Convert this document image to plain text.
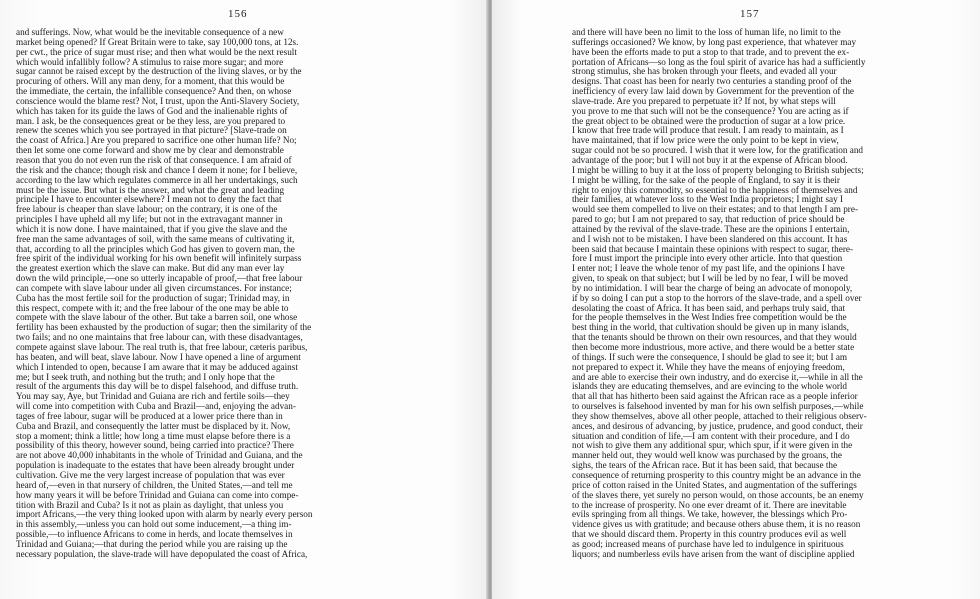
156
and sufferings. Now, what would be the inevitable consequence of a new
market being opened? If Great Britain were to take, say 100,000 tons, at 12s.
per cwt., the price of sugar must rise; and then what would be the next result
which would infallibly follow? A stimulus to raise more sugar; and more
sugar cannot be raised except by the destruction of the living slaves, or by the
procuring of others. Will any man deny, for a moment, that this would be
the immediate, the certain, the infallible consequence? And then, on whose
conscience would the blame rest? Not, I trust, upon the Anti-Slavery Society,
which has taken for its guide the laws of God and the inalienable rights of
man. I ask, be the consequences great or be they less, are you prepared to
renew the scenes which you see portrayed in that picture? [Slave-trade on
the coast of Africa.] Are you prepared to sacrifice one other human life? No;
then let some one come forward and show me by clear and demonstrable
reason that you do not even run the risk of that consequence. I am afraid of
the risk and the chance; though risk and chance I deem it none; for I believe,
according to the law which regulates commerce in all her undertakings, such
must be the issue. But what is the answer, and what the great and leading
principle I have to encounter elsewhere? I mean not to deny the fact that
free labour is cheaper than slave labour; on the contrary, it is one of the
principles I have upheld all my life; but not in the extravagant manner in
which it is now done. I have maintained, that if you give the slave and the
free man the same advantages of soil, with the same means of cultivating it,
that, according to all the principles which God has given to govern man, the
free spirit of the individual working for his own benefit will infinitely surpass
the greatest exertion which the slave can make. But did any man ever lay
down the wild principle,—one so utterly incapable of proof,—that free labour
can compete with slave labour under all given circumstances. For instance;
Cuba has the most fertile soil for the production of sugar; Trinidad may, in
this respect, compete with it; and the free labour of the one may be able to
compete with the slave labour of the other. But take a barren soil, one whose
fertility has been exhausted by the production of sugar; then the similarity of the
two fails; and no one maintains that free labour can, with these disadvantages,
compete against slave labour. The real truth is, that free labour, cæteris paribus,
has beaten, and will beat, slave labour. Now I have opened a line of argument
which I intended to open, because I am aware that it may be adduced against
me; but I seek truth, and nothing but the truth; and I only hope that the
result of the arguments this day will be to dispel falsehood, and diffuse truth.
You may say, Aye, but Trinidad and Guiana are rich and fertile soils—they
will come into competition with Cuba and Brazil—and, enjoying the advan-
tages of free labour, sugar will be produced at a lower price there than in
Cuba and Brazil, and consequently the latter must be displaced by it. Now,
stop a moment; think a little; how long a time must elapse before there is a
possibility of this theory, however sound, being carried into practice? There
are not above 40,000 inhabitants in the whole of Trinidad and Guiana, and the
population is inadequate to the estates that have been already brought under
cultivation. Give me the very largest increase of population that was ever
heard of,—even in that nursery of children, the United States,—and tell me
how many years it will be before Trinidad and Guiana can come into compe-
tition with Brazil and Cuba? Is it not as plain as daylight, that unless you
import Africans,—the very thing looked upon with alarm by nearly every person
in this assembly,—unless you can hold out some inducement,—a thing im-
possible,—to influence Africans to come in herds, and locate themselves in
Trinidad and Guiana;—that during the period while you are raising up the
necessary population, the slave-trade will have depopulated the coast of Africa,
157
and there will have been no limit to the loss of human life, no limit to the
sufferings occasioned? We know, by long past experience, that whatever may
have been the efforts made to put a stop to that trade, and to prevent the ex-
portation of Africans—so long as the foul spirit of avarice has had a sufficiently
strong stimulus, she has broken through your fleets, and evaded all your
designs. That coast has been for nearly two centuries a standing proof of the
inefficiency of every law laid down by Government for the prevention of the
slave-trade. Are you prepared to perpetuate it? If not, by what steps will
you prove to me that such will not be the consequence? You are acting as if
the great object to be obtained were the production of sugar at a low price.
I know that free trade will produce that result. I am ready to maintain, as I
have maintained, that if low price were the only point to be kept in view,
sugar could not be so procured. I wish that it were low, for the gratification and
advantage of the poor; but I will not buy it at the expense of African blood.
I might be willing to buy it at the loss of property belonging to British subjects;
I might be willing, for the sake of the people of England, to say it is their
right to enjoy this commodity, so essential to the happiness of themselves and
their families, at whatever loss to the West India proprietors; I might say I
would see them compelled to live on their estates; and to that length I am pre-
pared to go; but I am not prepared to say, that reduction of price should be
attained by the revival of the slave-trade. These are the opinions I entertain,
and I wish not to be mistaken. I have been slandered on this account. It has
been said that because I maintain these opinions with respect to sugar, there-
fore I must import the principle into every other article. Into that question
I enter not; I leave the whole tenor of my past life, and the opinions I have
given, to speak on that subject; but I will be led by no fear, I will be moved
by no intimidation. I will bear the charge of being an advocate of monopoly,
if by so doing I can put a stop to the horrors of the slave-trade, and a spell over
desolating the coast of Africa. It has been said, and perhaps truly said, that
for the people themselves in the West Indies free competition would be the
best thing in the world, that cultivation should be given up in many islands,
that the tenants should be thrown on their own resources, and that they would
then become more industrious, more active, and there would be a better state
of things. If such were the consequence, I should be glad to see it; but I am
not prepared to expect it. While they have the means of enjoying freedom,
and are able to exercise their own industry, and do exercise it,—while in all the
islands they are educating themselves, and are evincing to the whole world
that all that has hitherto been said against the African race as a people inferior
to ourselves is falsehood invented by man for his own selfish purposes,—while
they show themselves, above all other people, attached to their religious observ-
ances, and desirous of advancing, by justice, prudence, and good conduct, their
situation and condition of life,—I am content with their procedure, and I do
not wish to give them any additional spur, which spur, if it were given in the
manner held out, they would well know was purchased by the groans, the
sighs, the tears of the African race. But it has been said, that because the
consequence of returning prosperity to this country might be an advance in the
price of cotton raised in the United States, and augmentation of the sufferings
of the slaves there, yet surely no person would, on those accounts, be an enemy
to the increase of prosperity. No one ever dreamt of it. There are inevitable
evils springing from all things. We take, however, the blessings which Pro-
vidence gives us with gratitude; and because others abuse them, it is no reason
that we should discard them. Property in this country produces evil as well
as good; increased means of purchase have led to indulgence in spirituous
liquors; and numberless evils have arisen from the want of discipline applied
